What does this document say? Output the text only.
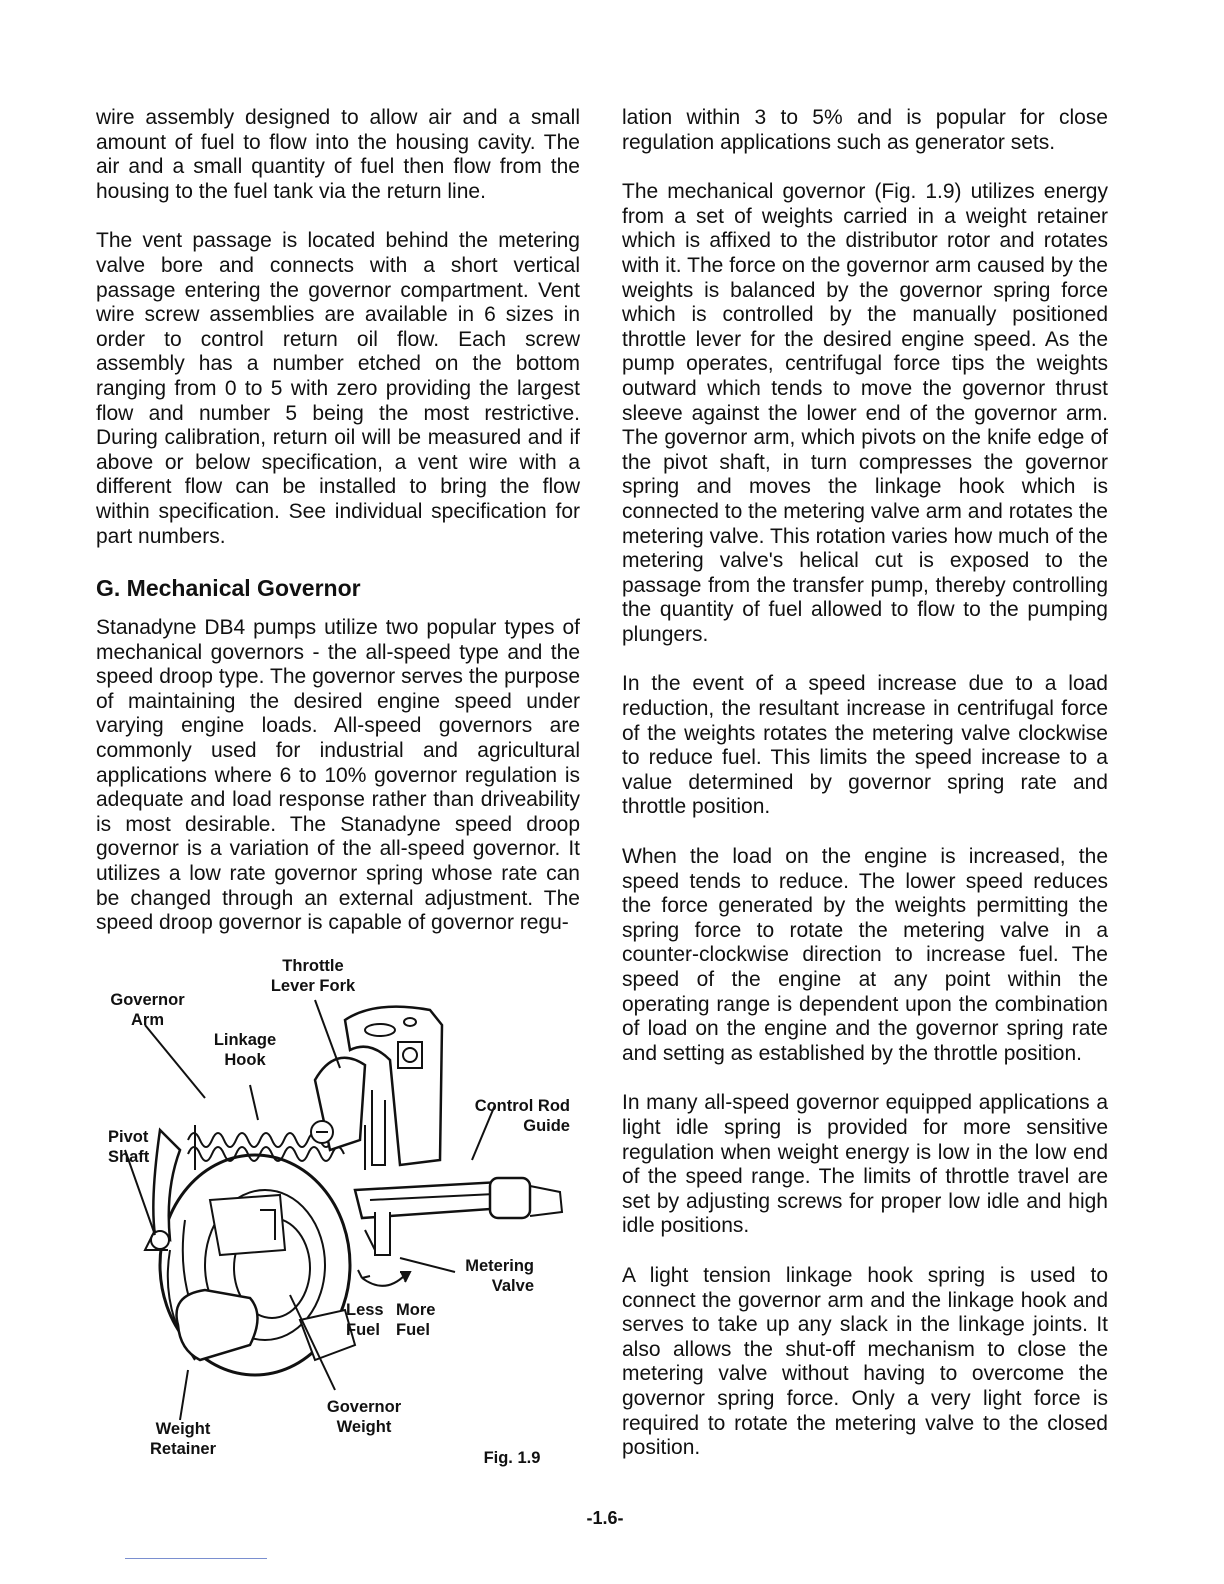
wire assembly designed to allow air and a small amount of fuel to flow into the housing cavity. The air and a small quantity of fuel then flow from the housing to the fuel tank via the return line.

The vent passage is located behind the metering valve bore and connects with a short vertical passage entering the governor compartment. Vent wire screw assemblies are available in 6 sizes in order to control return oil flow. Each screw assembly has a number etched on the bottom ranging from 0 to 5 with zero providing the largest flow and number 5 being the most restrictive. During calibration, return oil will be measured and if above or below specification, a vent wire with a different flow can be installed to bring the flow within specification. See individual specification for part numbers.

G. Mechanical Governor

Stanadyne DB4 pumps utilize two popular types of mechanical governors - the all-speed type and the speed droop type. The governor serves the purpose of maintaining the desired engine speed under varying engine loads. All-speed governors are commonly used for industrial and agricultural applications where 6 to 10% governor regulation is adequate and load response rather than driveability is most desirable. The Stanadyne speed droop governor is a variation of the all-speed governor. It utilizes a low rate governor spring whose rate can be changed through an external adjustment. The speed droop governor is capable of governor regu-

lation within 3 to 5% and is popular for close regulation applications such as generator sets.

The mechanical governor (Fig. 1.9) utilizes energy from a set of weights carried in a weight retainer which is affixed to the distributor rotor and rotates with it. The force on the governor arm caused by the weights is balanced by the governor spring force which is controlled by the manually positioned throttle lever for the desired engine speed. As the pump operates, centrifugal force tips the weights outward which tends to move the governor thrust sleeve against the lower end of the governor arm. The governor arm, which pivots on the knife edge of the pivot shaft, in turn compresses the governor spring and moves the linkage hook which is connected to the metering valve arm and rotates the metering valve. This rotation varies how much of the metering valve's helical cut is exposed to the passage from the transfer pump, thereby controlling the quantity of fuel allowed to flow to the pumping plungers.

In the event of a speed increase due to a load reduction, the resultant increase in centrifugal force of the weights rotates the metering valve clockwise to reduce fuel. This limits the speed increase to a value determined by governor spring rate and throttle position.

When the load on the engine is increased, the speed tends to reduce. The lower speed reduces the force generated by the weights permitting the spring force to rotate the metering valve in a counter-clockwise direction to increase fuel. The speed of the engine at any point within the operating range is dependent upon the combination of load on the engine and the governor spring rate and setting as established by the throttle position.

In many all-speed governor equipped applications a light idle spring is provided for more sensitive regulation when weight energy is low in the low end of the speed range. The limits of throttle travel are set by adjusting screws for proper low idle and high idle positions.

A light tension linkage hook spring is used to connect the governor arm and the linkage hook and serves to take up any slack in the linkage joints. It also allows the shut-off mechanism to close the metering valve without having to overcome the governor spring force. Only a very light force is required to rotate the metering valve to the closed position.

Throttle
Lever Fork
Governor
Arm
Linkage
Hook
Control Rod
Guide
Pivot
Shaft
Metering
Valve
Less
Fuel
More
Fuel
Governor
Weight
Weight
Retainer	Fig. 1.9
-1.6-
